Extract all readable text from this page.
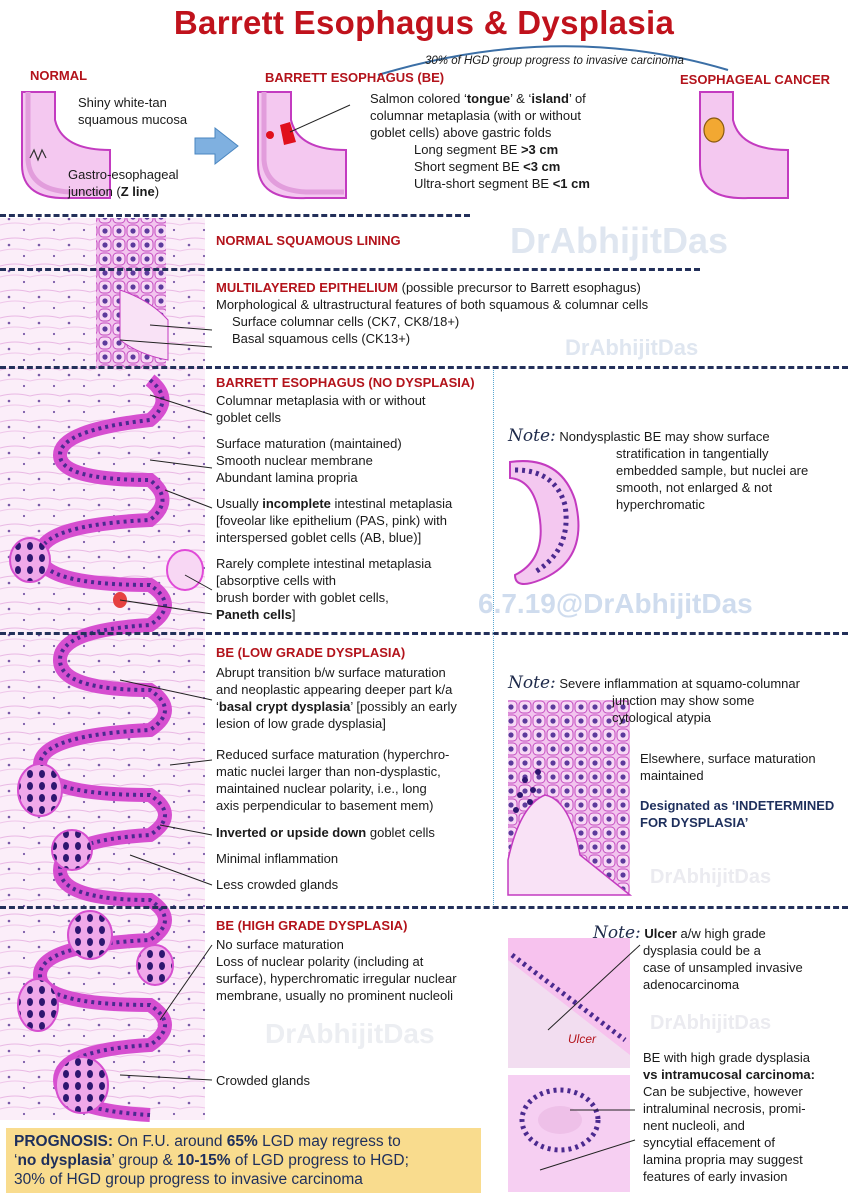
DrAbhijitDas
DrAbhijitDas
6.7.19@DrAbhijitDas
DrAbhijitDas
DrAbhijitDas	DrAbhijitDas
Barrett Esophagus & Dysplasia
30% of HGD group progress to invasive carcinoma
NORMAL
Shiny white-tan
squamous mucosa
Gastro-esophageal
junction (Z line)
BARRETT ESOPHAGUS (BE)
Salmon colored ‘tongue’ & ‘island’ of
columnar metaplasia (with or without
goblet cells) above gastric folds
Long segment BE >3 cm
Short segment BE <3 cm
Ultra-short segment BE <1 cm
ESOPHAGEAL CANCER
NORMAL SQUAMOUS LINING
MULTILAYERED EPITHELIUM (possible precursor to Barrett esophagus)
Morphological & ultrastructural features of both squamous & columnar cells
Surface columnar cells (CK7, CK8/18+)
Basal squamous cells (CK13+)
BARRETT ESOPHAGUS (NO DYSPLASIA)
Columnar metaplasia with or without
goblet cells
Surface maturation (maintained)
Smooth nuclear membrane
Abundant lamina propria
Usually incomplete intestinal metaplasia
[foveolar like epithelium (PAS, pink) with
interspersed goblet cells (AB, blue)]
Rarely complete intestinal metaplasia
[absorptive cells with
brush border with goblet cells,
Paneth cells]
Note: Nondysplastic BE may show surface
stratification in tangentially
embedded sample, but nuclei are
smooth, not enlarged & not
hyperchromatic
BE (LOW GRADE DYSPLASIA)
Abrupt transition b/w surface maturation
and neoplastic appearing deeper part k/a
‘basal crypt dysplasia’ [possibly an early
lesion of low grade dysplasia]
Reduced surface maturation (hyperchro-
matic nuclei larger than non-dysplastic,
maintained nuclear polarity, i.e., long
axis perpendicular to basement mem)
Inverted or upside down goblet cells
Minimal inflammation
Less crowded glands
Note: Severe inflammation at squamo-columnar
junction may show some
cytological atypia
Elsewhere, surface maturation
maintained
Designated as ‘INDETERMINED
FOR DYSPLASIA’
BE (HIGH GRADE DYSPLASIA)
No surface maturation
Loss of nuclear polarity (including at
surface), hyperchromatic irregular nuclear
membrane, usually no prominent nucleoli
Crowded glands
Note: Ulcer a/w high grade
dysplasia could be a
case of unsampled invasive
adenocarcinoma
Ulcer
BE with high grade dysplasia
vs intramucosal carcinoma:
Can be subjective, however
intraluminal necrosis, promi-
nent nucleoli, and
syncytial effacement of
lamina propria may suggest
features of early invasion
PROGNOSIS: On F.U. around 65% LGD may regress to
‘no dysplasia’ group & 10-15% of LGD progress to HGD;
30% of HGD group progress to invasive carcinoma
